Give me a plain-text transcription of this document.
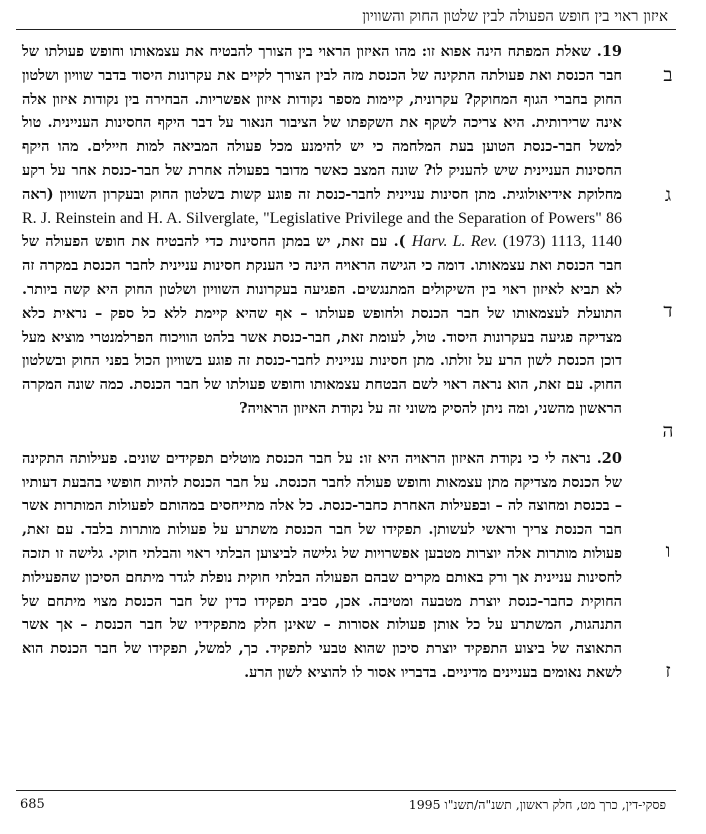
איזון ראוי בין חופש הפעולה לבין שלטון החוק והשוויון

19. שאלת המפתח הינה אפוא זו: מהו האיזון הראוי בין הצורך להבטיח את עצמאותו וחופש פעולתו של חבר הכנסת ואת פעולתה התקינה של הכנסת מזה לבין הצורך לקיים את עקרונות היסוד בדבר שוויון ושלטון החוק בחברי הגוף המחוקק? עקרונית, קיימות מספר נקודות איזון אפשריות. הבחירה בין נקודות איזון אלה אינה שרירותית. היא צריכה לשקף את השקפתו של הציבור הנאור על דבר היקף החסינות העניינית. טול למשל חבר-כנסת הטוען בעת המלחמה כי יש להימנע מכל פעולה המביאה למות חיילים. מהו היקף החסינות העניינית שיש להעניק לו? שונה המצב כאשר מדובר בפעולה אחרת של חבר-כנסת אחר על רקע מחלוקת אידיאולוגית. מתן חסינות עניינית לחבר-כנסת זה פוגע קשות בשלטון החוק ובעקרון השוויון (ראה R. J. Reinstein and H. A. Silverglate, "Legislative Privilege and the Separation of Powers" 86 Harv. L. Rev. (1973) 1113, 1140 ). עם זאת, יש במתן החסינות כדי להבטיח את חופש הפעולה של חבר הכנסת ואת עצמאותו. דומה כי הגישה הראויה הינה כי הענקת חסינות עניינית לחבר הכנסת במקרה זה לא תביא לאיזון ראוי בין השיקולים המתנגשים. הפגיעה בעקרונות השוויון ושלטון החוק היא קשה ביותר. התועלת לעצמאותו של חבר הכנסת ולחופש פעולתו – אף שהיא קיימת ללא כל ספק – נראית כלא מצדיקה פגיעה בעקרונות היסוד. טול, לעומת זאת, חבר-כנסת אשר בלהט הוויכוח הפרלמנטרי מוציא מעל דוכן הכנסת לשון הרע על זולתו. מתן חסינות עניינית לחבר-כנסת זה פוגע בשוויון הכול בפני החוק ובשלטון החוק. עם זאת, הוא נראה ראוי לשם הבטחת עצמאותו וחופש פעולתו של חבר הכנסת. כמה שונה המקרה הראשון מהשני, ומה ניתן להסיק משוני זה על נקודת האיזון הראויה?

20. נראה לי כי נקודת האיזון הראויה היא זו: על חבר הכנסת מוטלים תפקידים שונים. פעילותה התקינה של הכנסת מצדיקה מתן עצמאות וחופש פעולה לחבר הכנסת. על חבר הכנסת להיות חופשי בהבעת דעותיו – בכנסת ומחוצה לה – ובפעילות האחרת כחבר-כנסת. כל אלה מתייחסים במהותם לפעולות המותרות אשר חבר הכנסת צריך וראשי לעשותן. תפקידו של חבר הכנסת משתרע על פעולות מותרות בלבד. עם זאת, פעולות מותרות אלה יוצרות מטבען אפשרויות של גלישה לביצוען הבלתי ראוי והבלתי חוקי. גלישה זו תזכה לחסינות עניינית אך ורק באותם מקרים שבהם הפעולה הבלתי חוקית נופלת לגדר מיתחם הסיכון שהפעילות החוקית כחבר-כנסת יוצרת מטבעה ומטיבה. אכן, סביב תפקידו כדין של חבר הכנסת מצוי מיתחם של התנהגות, המשתרע על כל אותן פעולות אסורות – שאינן חלק מתפקידיו של חבר הכנסת – אך אשר התאוצה של ביצוע התפקיד יוצרת סיכון שהוא טבעי לתפקיד. כך, למשל, תפקידו של חבר הכנסת הוא לשאת נאומים בעניינים מדיניים. בדבריו אסור לו להוציא לשון הרע.

ב
ג
ד
ה
ו
ז
685	פסקי-דין, כרך מט, חלק ראשון, תשנ"ה/תשנ"ו 1995
